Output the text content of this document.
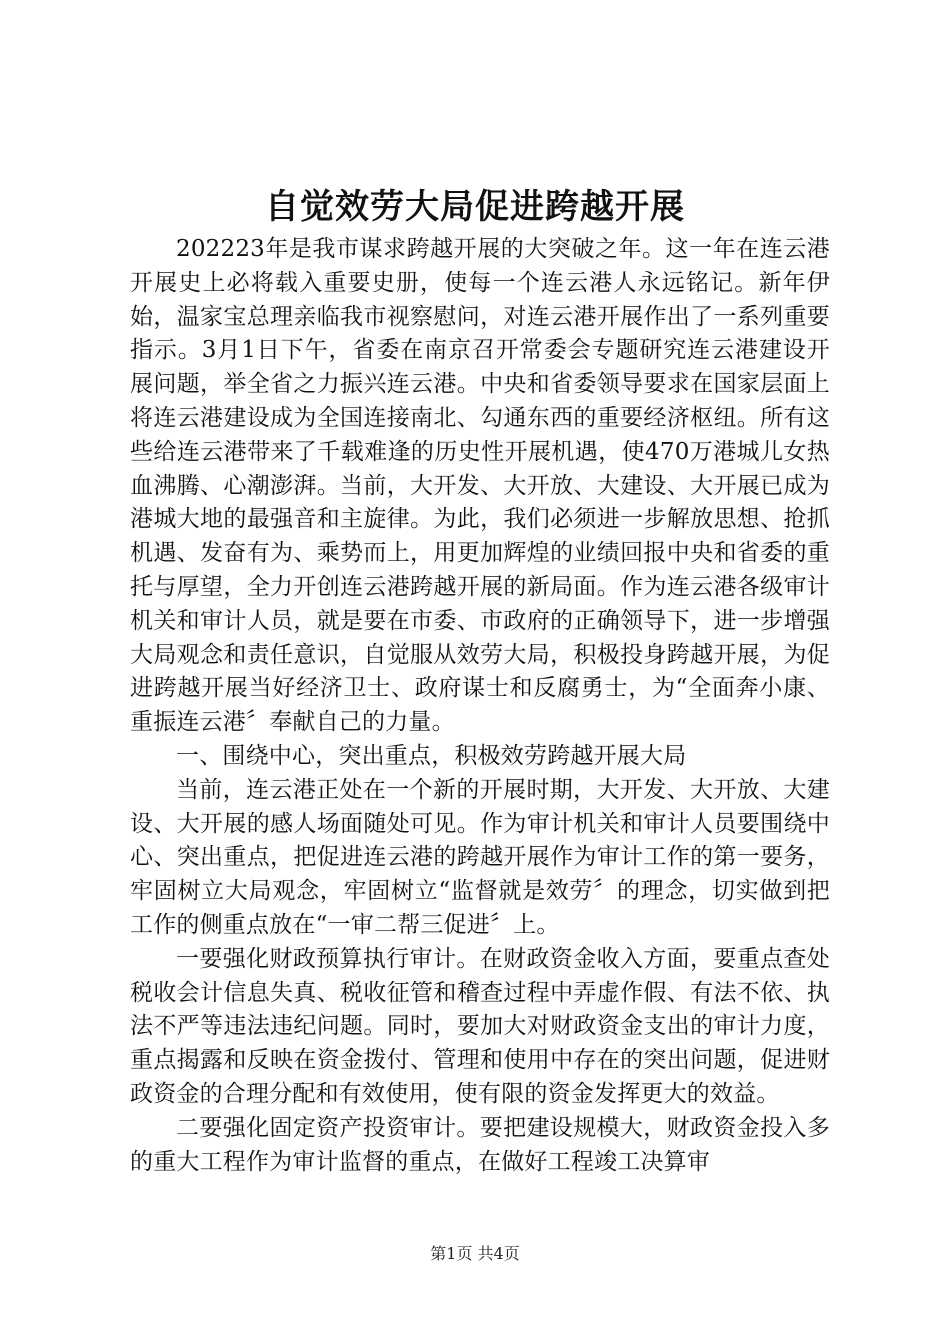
自觉效劳大局促进跨越开展

202223年是我市谋求跨越开展的大突破之年。这一年在连云港开展史上必将载入重要史册，使每一个连云港人永远铭记。新年伊始，温家宝总理亲临我市视察慰问，对连云港开展作出了一系列重要指示。3月1日下午，省委在南京召开常委会专题研究连云港建设开展问题，举全省之力振兴连云港。中央和省委领导要求在国家层面上将连云港建设成为全国连接南北、勾通东西的重要经济枢纽。所有这些给连云港带来了千载难逢的历史性开展机遇，使470万港城儿女热血沸腾、心潮澎湃。当前，大开发、大开放、大建设、大开展已成为港城大地的最强音和主旋律。为此，我们必须进一步解放思想、抢抓机遇、发奋有为、乘势而上，用更加辉煌的业绩回报中央和省委的重托与厚望，全力开创连云港跨越开展的新局面。作为连云港各级审计机关和审计人员，就是要在市委、市政府的正确领导下，进一步增强大局观念和责任意识，自觉服从效劳大局，积极投身跨越开展，为促进跨越开展当好经济卫士、政府谋士和反腐勇士，为“全面奔小康、重振连云港〞奉献自己的力量。

一、围绕中心，突出重点，积极效劳跨越开展大局

当前，连云港正处在一个新的开展时期，大开发、大开放、大建设、大开展的感人场面随处可见。作为审计机关和审计人员要围绕中心、突出重点，把促进连云港的跨越开展作为审计工作的第一要务，牢固树立大局观念，牢固树立“监督就是效劳〞的理念，切实做到把工作的侧重点放在“一审二帮三促进〞上。

一要强化财政预算执行审计。在财政资金收入方面，要重点查处税收会计信息失真、税收征管和稽查过程中弄虚作假、有法不依、执法不严等违法违纪问题。同时，要加大对财政资金支出的审计力度，重点揭露和反映在资金拨付、管理和使用中存在的突出问题，促进财政资金的合理分配和有效使用，使有限的资金发挥更大的效益。

二要强化固定资产投资审计。要把建设规模大，财政资金投入多的重大工程作为审计监督的重点，在做好工程竣工决算审

第1页 共4页
